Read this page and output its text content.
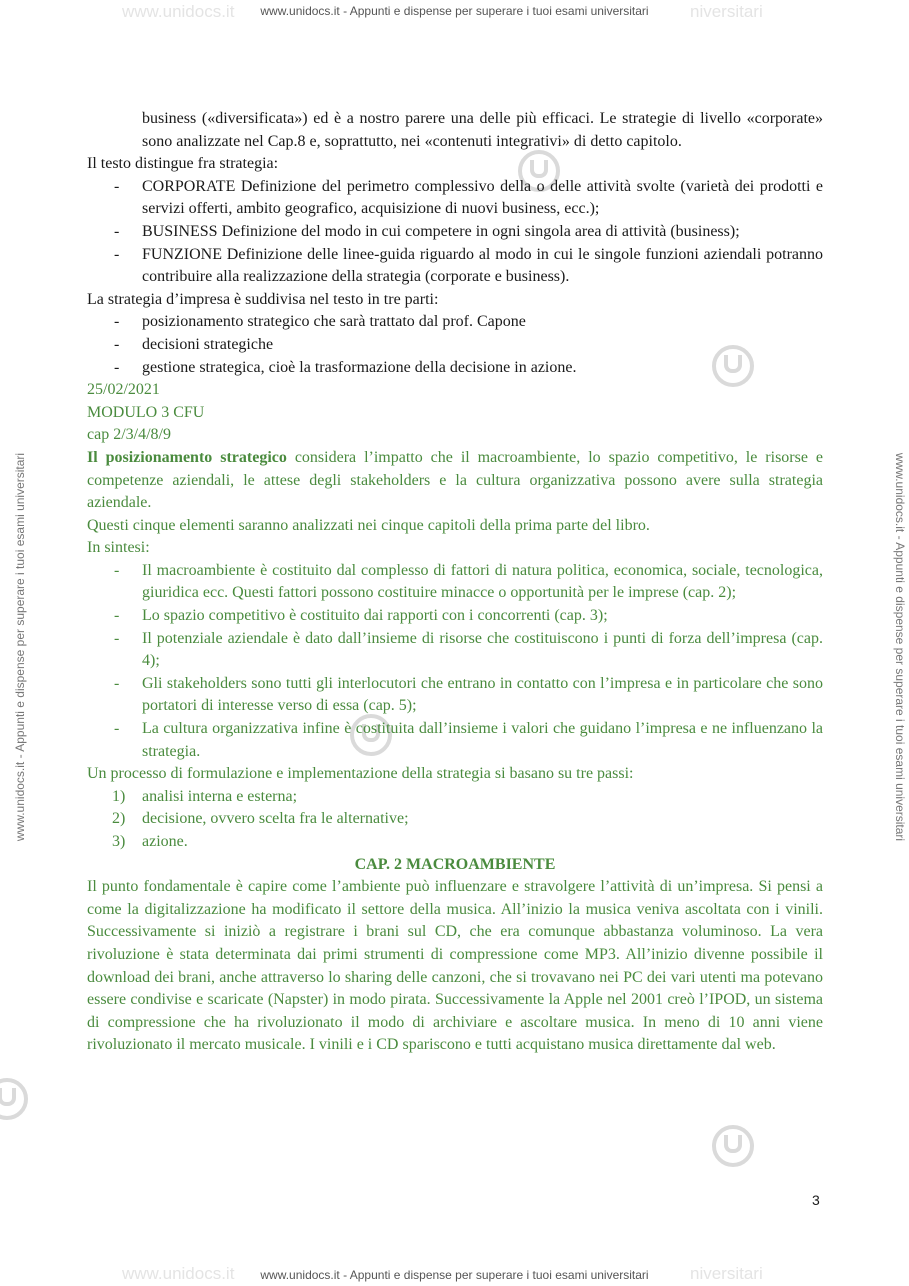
www.unidocs.it	niversitari
www.unidocs.it - Appunti e dispense per superare i tuoi esami universitari
www.unidocs.it - Appunti e dispense per superare i tuoi esami universitari	www.unidocs.it - Appunti e dispense per superare i tuoi esami universitari

business («diversificata») ed è a nostro parere una delle più efficaci. Le strategie di livello «corporate» sono analizzate nel Cap.8 e, soprattutto, nei «contenuti integrativi» di detto capitolo.

Il testo distingue fra strategia:

- CORPORATE Definizione del perimetro complessivo della o delle attività svolte (varietà dei prodotti e servizi offerti, ambito geografico, acquisizione di nuovi business, ecc.);
- BUSINESS Definizione del modo in cui competere in ogni singola area di attività (business);
- FUNZIONE Definizione delle linee-guida riguardo al modo in cui le singole funzioni aziendali potranno contribuire alla realizzazione della strategia (corporate e business).

La strategia d’impresa è suddivisa nel testo in tre parti:

- posizionamento strategico che sarà trattato dal prof. Capone
- decisioni strategiche
- gestione strategica, cioè la trasformazione della decisione in azione.

25/02/2021

MODULO 3 CFU

cap 2/3/4/8/9

Il posizionamento strategico considera l’impatto che il macroambiente, lo spazio competitivo, le risorse e competenze aziendali, le attese degli stakeholders e la cultura organizzativa possono avere sulla strategia aziendale.

Questi cinque elementi saranno analizzati nei cinque capitoli della prima parte del libro.

In sintesi:

- Il macroambiente è costituito dal complesso di fattori di natura politica, economica, sociale, tecnologica, giuridica ecc. Questi fattori possono costituire minacce o opportunità per le imprese (cap. 2);
- Lo spazio competitivo è costituito dai rapporti con i concorrenti (cap. 3);
- Il potenziale aziendale è dato dall’insieme di risorse che costituiscono i punti di forza dell’impresa (cap. 4);
- Gli stakeholders sono tutti gli interlocutori che entrano in contatto con l’impresa e in particolare che sono portatori di interesse verso di essa (cap. 5);
- La cultura organizzativa infine è costituita dall’insieme i valori che guidano l’impresa e ne influenzano la strategia.

Un processo di formulazione e implementazione della strategia si basano su tre passi:

1) analisi interna e esterna;
2) decisione, ovvero scelta fra le alternative;
3) azione.

CAP. 2 MACROAMBIENTE

Il punto fondamentale è capire come l’ambiente può influenzare e stravolgere l’attività di un’impresa. Si pensi a come la digitalizzazione ha modificato il settore della musica. All’inizio la musica veniva ascoltata con i vinili. Successivamente si iniziò a registrare i brani sul CD, che era comunque abbastanza voluminoso. La vera rivoluzione è stata determinata dai primi strumenti di compressione come MP3. All’inizio divenne possibile il download dei brani, anche attraverso lo sharing delle canzoni, che si trovavano nei PC dei vari utenti ma potevano essere condivise e scaricate (Napster) in modo pirata. Successivamente la Apple nel 2001 creò l’IPOD, un sistema di compressione che ha rivoluzionato il modo di archiviare e ascoltare musica. In meno di 10 anni viene rivoluzionato il mercato musicale. I vinili e i CD spariscono e tutti acquistano musica direttamente dal web.

3
www.unidocs.it	niversitari
www.unidocs.it - Appunti e dispense per superare i tuoi esami universitari
